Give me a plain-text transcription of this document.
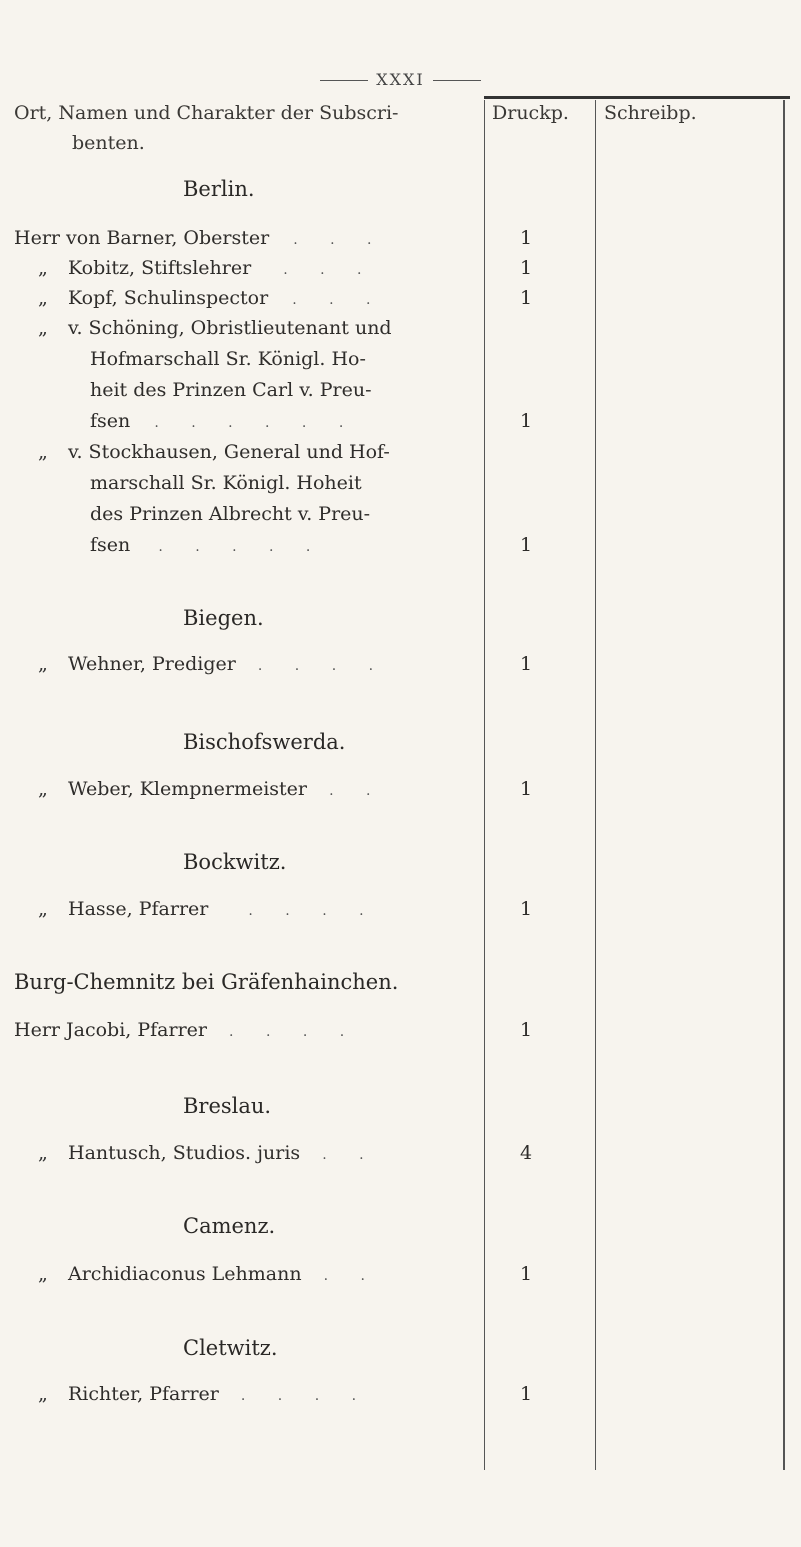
XXXI
Ort, Namen und Charakter der Subscri-
benten.
Druckp. Schreibp.
Berlin.
Herr von Barner, Oberster . . .	1
„ Kobitz, Stiftslehrer . . .	1
„ Kopf, Schulinspector . . .	1
„ v. Schöning, Obristlieutenant und
Hofmarschall Sr. Königl. Ho-
heit des Prinzen Carl v. Preu-
fsen . . . . . .	1
„ v. Stockhausen, General und Hof-
marschall Sr. Königl. Hoheit
des Prinzen Albrecht v. Preu-
fsen . . . . .	1
Biegen.
„ Wehner, Prediger . . . .	1
Bischofswerda.
„ Weber, Klempnermeister . .	1
Bockwitz.
„ Hasse, Pfarrer	. . . .	1
Burg-Chemnitz bei Gräfenhainchen.
Herr Jacobi, Pfarrer . . . .	1
Breslau.
„ Hantusch, Studios. juris . .	4
Camenz.
„ Archidiaconus Lehmann . .	1
Cletwitz.
„ Richter, Pfarrer . . . .	1
